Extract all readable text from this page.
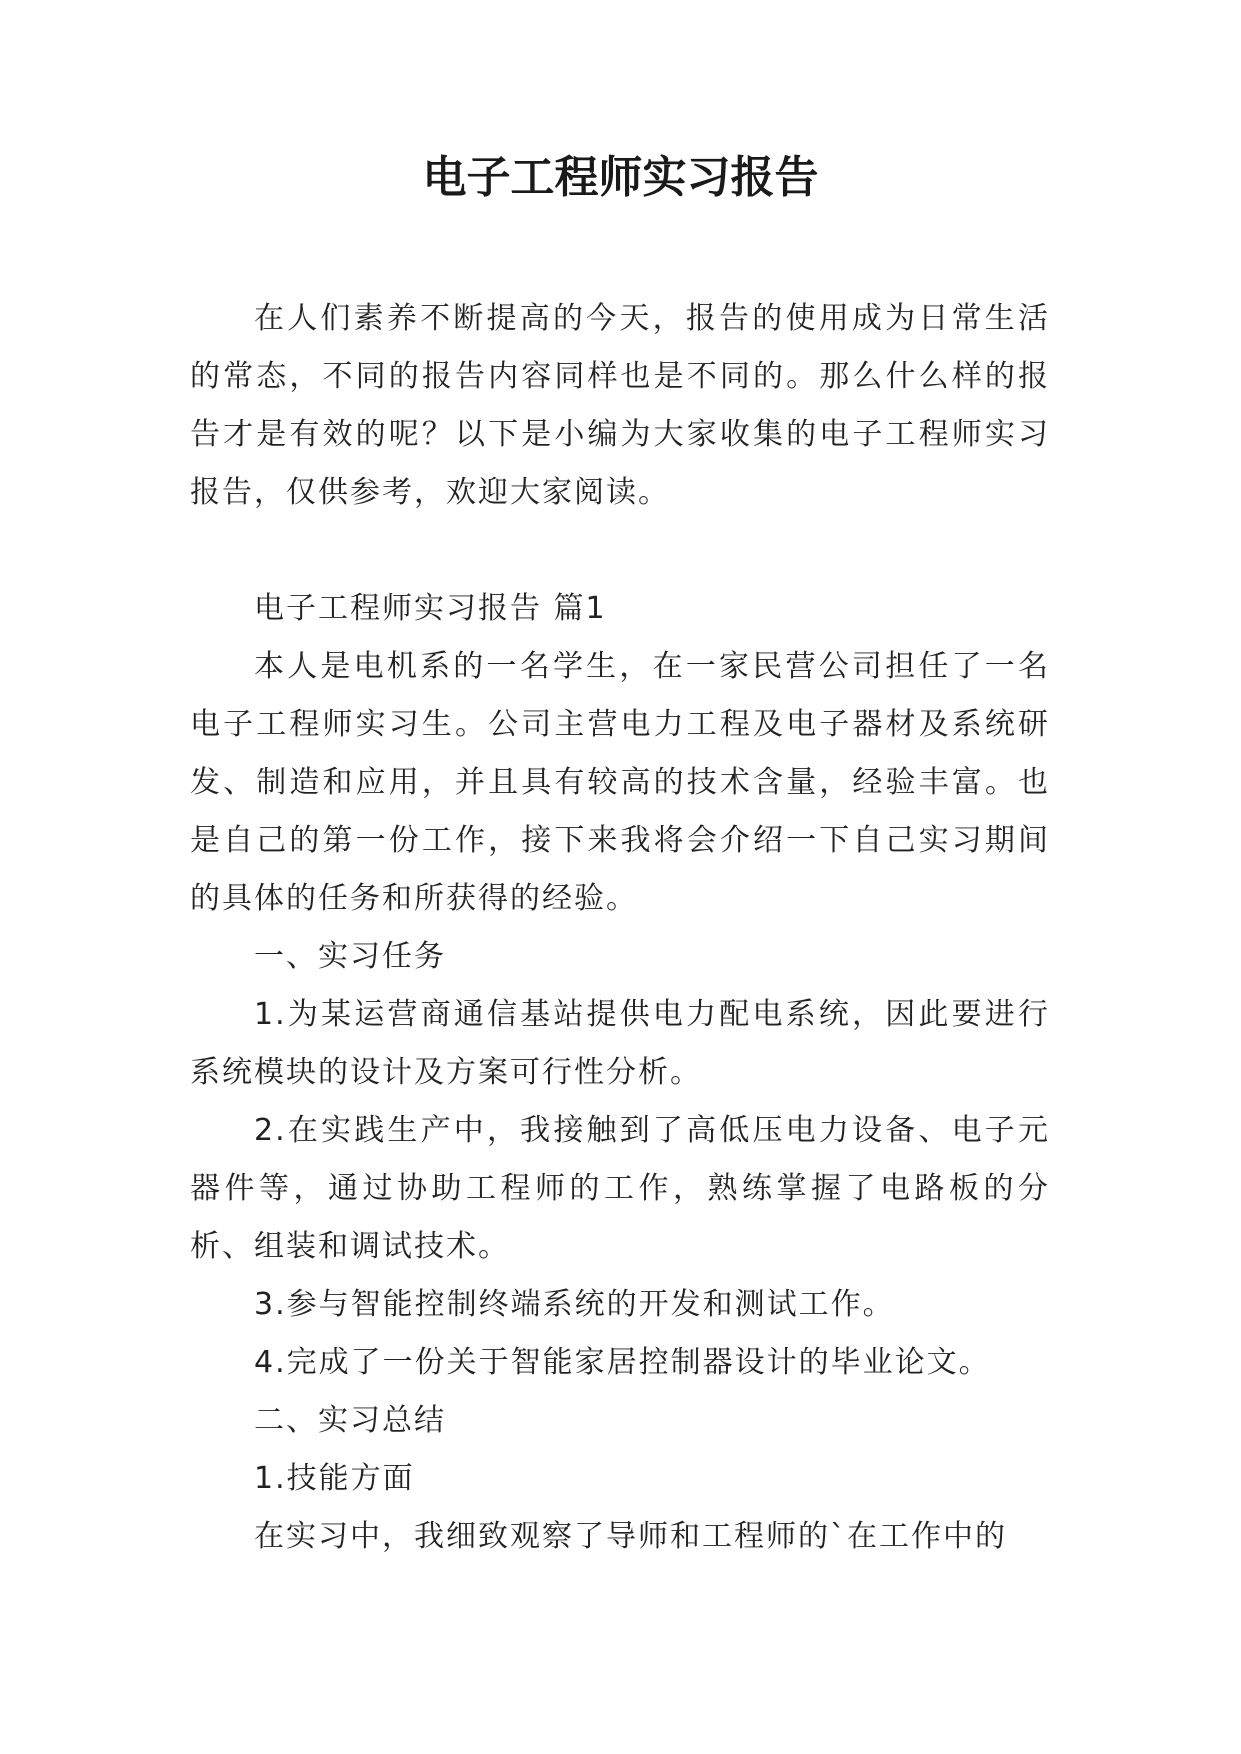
电子工程师实习报告

在人们素养不断提高的今天，报告的使用成为日常生活的常态，不同的报告内容同样也是不同的。那么什么样的报告才是有效的呢？以下是小编为大家收集的电子工程师实习报告，仅供参考，欢迎大家阅读。

电子工程师实习报告 篇1

本人是电机系的一名学生，在一家民营公司担任了一名电子工程师实习生。公司主营电力工程及电子器材及系统研发、制造和应用，并且具有较高的技术含量，经验丰富。也是自己的第一份工作，接下来我将会介绍一下自己实习期间的具体的任务和所获得的经验。

一、实习任务

1.为某运营商通信基站提供电力配电系统，因此要进行系统模块的设计及方案可行性分析。

2.在实践生产中，我接触到了高低压电力设备、电子元器件等，通过协助工程师的工作，熟练掌握了电路板的分析、组装和调试技术。

3.参与智能控制终端系统的开发和测试工作。

4.完成了一份关于智能家居控制器设计的毕业论文。

二、实习总结

1.技能方面

在实习中，我细致观察了导师和工程师的`在工作中的
